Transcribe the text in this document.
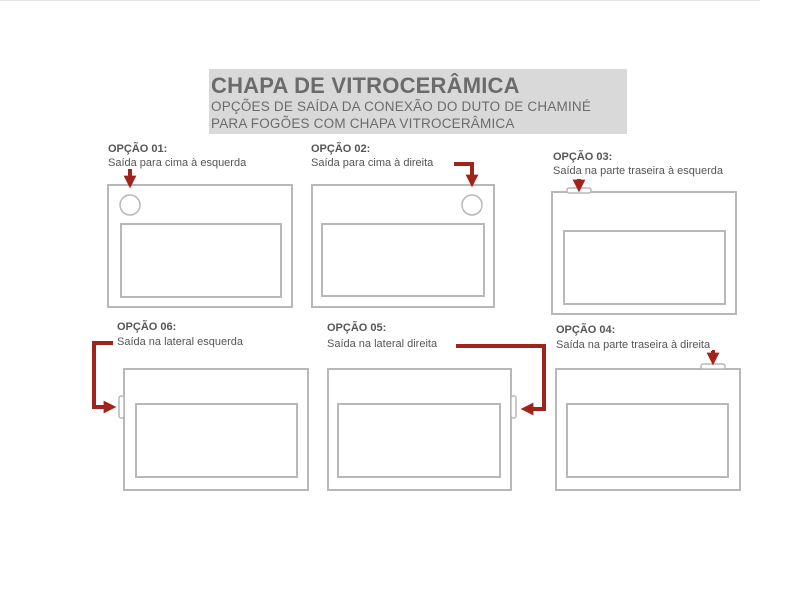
CHAPA DE VITROCERÂMICA
OPÇÕES DE SAÍDA DA CONEXÃO DO DUTO DE CHAMINÉ
PARA FOGÕES COM CHAPA VITROCERÂMICA
OPÇÃO 01:
Saída para cima à esquerda
OPÇÃO 02:
Saída para cima à direita	OPÇÃO 03:
Saída na parte traseira à esquerda
OPÇÃO 06:
Saída na lateral esquerda
OPÇÃO 05:
Saída na lateral direita
OPÇÃO 04:
Saída na parte traseira à direita
